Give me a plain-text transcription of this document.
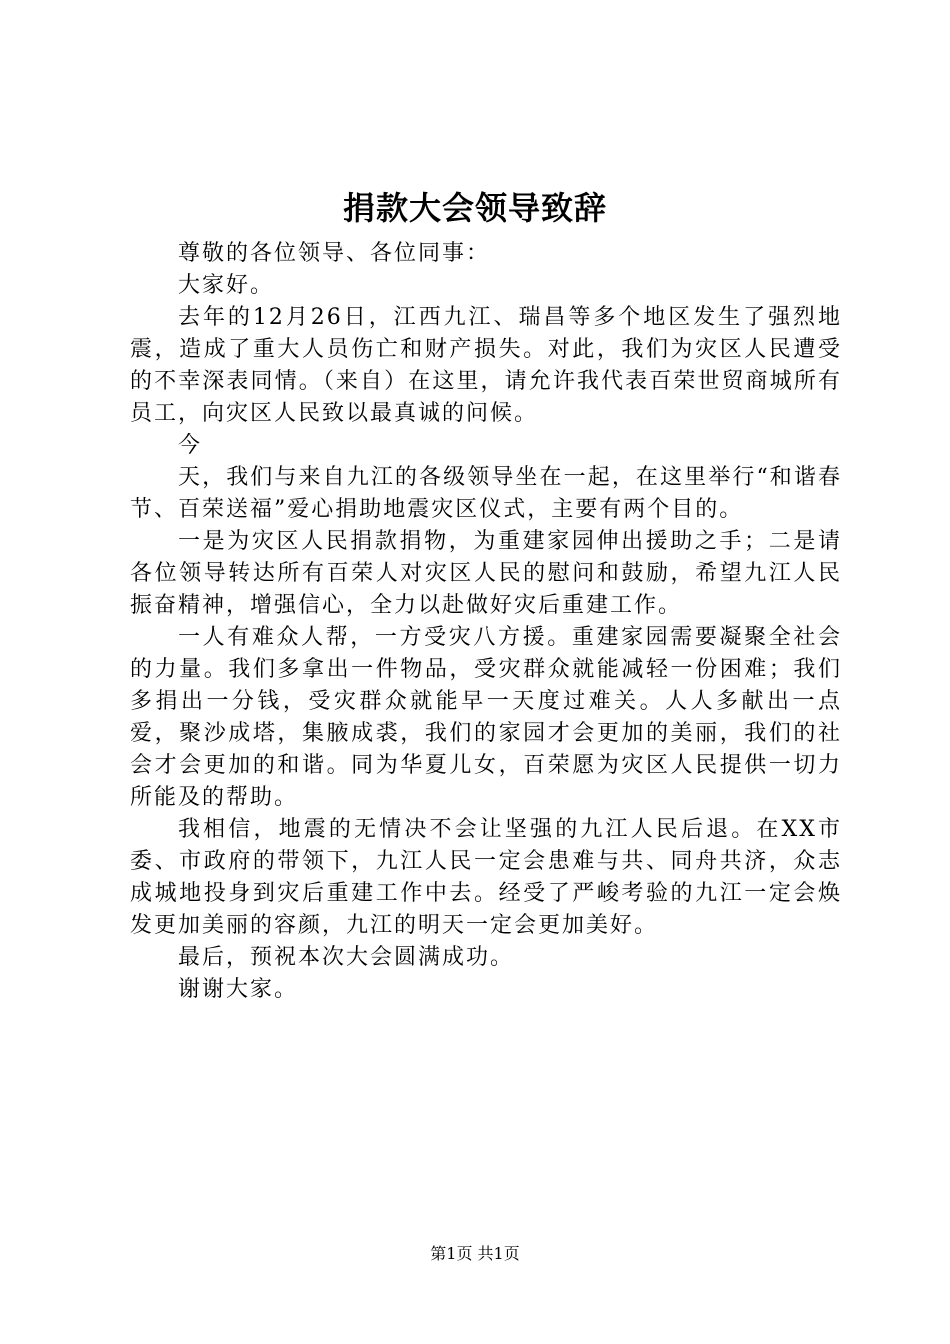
捐款大会领导致辞

尊敬的各位领导、各位同事：

大家好。

去年的12月26日，江西九江、瑞昌等多个地区发生了强烈地震，造成了重大人员伤亡和财产损失。对此，我们为灾区人民遭受的不幸深表同情。（来自）在这里，请允许我代表百荣世贸商城所有员工，向灾区人民致以最真诚的问候。

今

天，我们与来自九江的各级领导坐在一起，在这里举行“和谐春节、百荣送福”爱心捐助地震灾区仪式，主要有两个目的。

一是为灾区人民捐款捐物，为重建家园伸出援助之手；二是请各位领导转达所有百荣人对灾区人民的慰问和鼓励，希望九江人民振奋精神，增强信心，全力以赴做好灾后重建工作。

一人有难众人帮，一方受灾八方援。重建家园需要凝聚全社会的力量。我们多拿出一件物品，受灾群众就能减轻一份困难；我们多捐出一分钱，受灾群众就能早一天度过难关。人人多献出一点爱，聚沙成塔，集腋成裘，我们的家园才会更加的美丽，我们的社会才会更加的和谐。同为华夏儿女，百荣愿为灾区人民提供一切力所能及的帮助。

我相信，地震的无情决不会让坚强的九江人民后退。在XX市委、市政府的带领下，九江人民一定会患难与共、同舟共济，众志成城地投身到灾后重建工作中去。经受了严峻考验的九江一定会焕发更加美丽的容颜，九江的明天一定会更加美好。

最后，预祝本次大会圆满成功。

谢谢大家。

第1页 共1页
